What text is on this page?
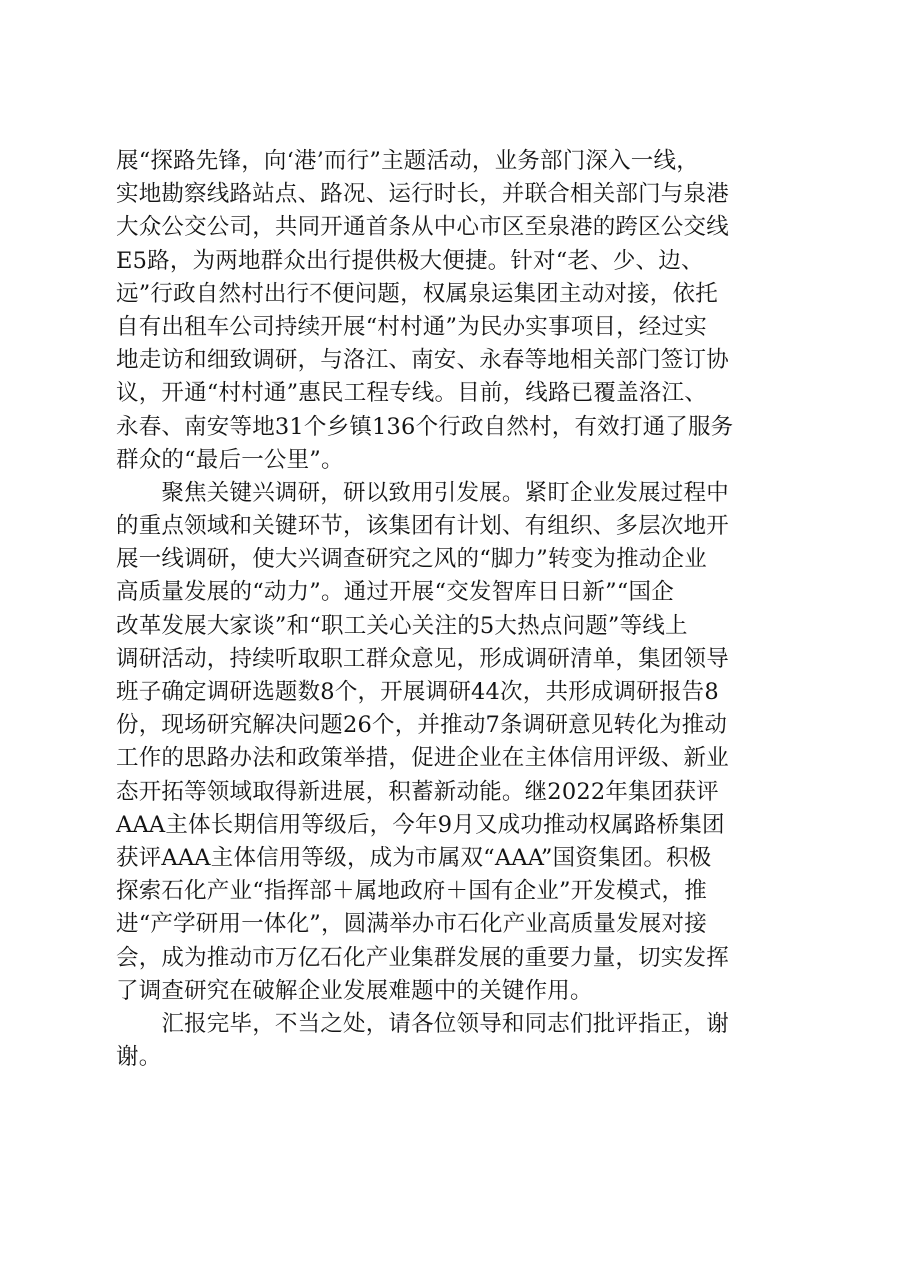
展“探路先锋，向‘港’而行”主题活动，业务部门深入一线，
实地勘察线路站点、路况、运行时长，并联合相关部门与泉港
大众公交公司，共同开通首条从中心市区至泉港的跨区公交线
E5路，为两地群众出行提供极大便捷。针对“老、少、边、
远”行政自然村出行不便问题，权属泉运集团主动对接，依托
自有出租车公司持续开展“村村通”为民办实事项目，经过实
地走访和细致调研，与洛江、南安、永春等地相关部门签订协
议，开通“村村通”惠民工程专线。目前，线路已覆盖洛江、
永春、南安等地31个乡镇136个行政自然村，有效打通了服务
群众的“最后一公里”。
　　聚焦关键兴调研，研以致用引发展。紧盯企业发展过程中
的重点领域和关键环节，该集团有计划、有组织、多层次地开
展一线调研，使大兴调查研究之风的“脚力”转变为推动企业
高质量发展的“动力”。通过开展“交发智库日日新”“国企
改革发展大家谈”和“职工关心关注的5大热点问题”等线上
调研活动，持续听取职工群众意见，形成调研清单，集团领导
班子确定调研选题数8个，开展调研44次，共形成调研报告8
份，现场研究解决问题26个，并推动7条调研意见转化为推动
工作的思路办法和政策举措，促进企业在主体信用评级、新业
态开拓等领域取得新进展，积蓄新动能。继2022年集团获评
AAA主体长期信用等级后，今年9月又成功推动权属路桥集团
获评AAA主体信用等级，成为市属双“AAA”国资集团。积极
探索石化产业“指挥部＋属地政府＋国有企业”开发模式，推
进“产学研用一体化”，圆满举办市石化产业高质量发展对接
会，成为推动市万亿石化产业集群发展的重要力量，切实发挥
了调查研究在破解企业发展难题中的关键作用。
　　汇报完毕，不当之处，请各位领导和同志们批评指正，谢
谢。
